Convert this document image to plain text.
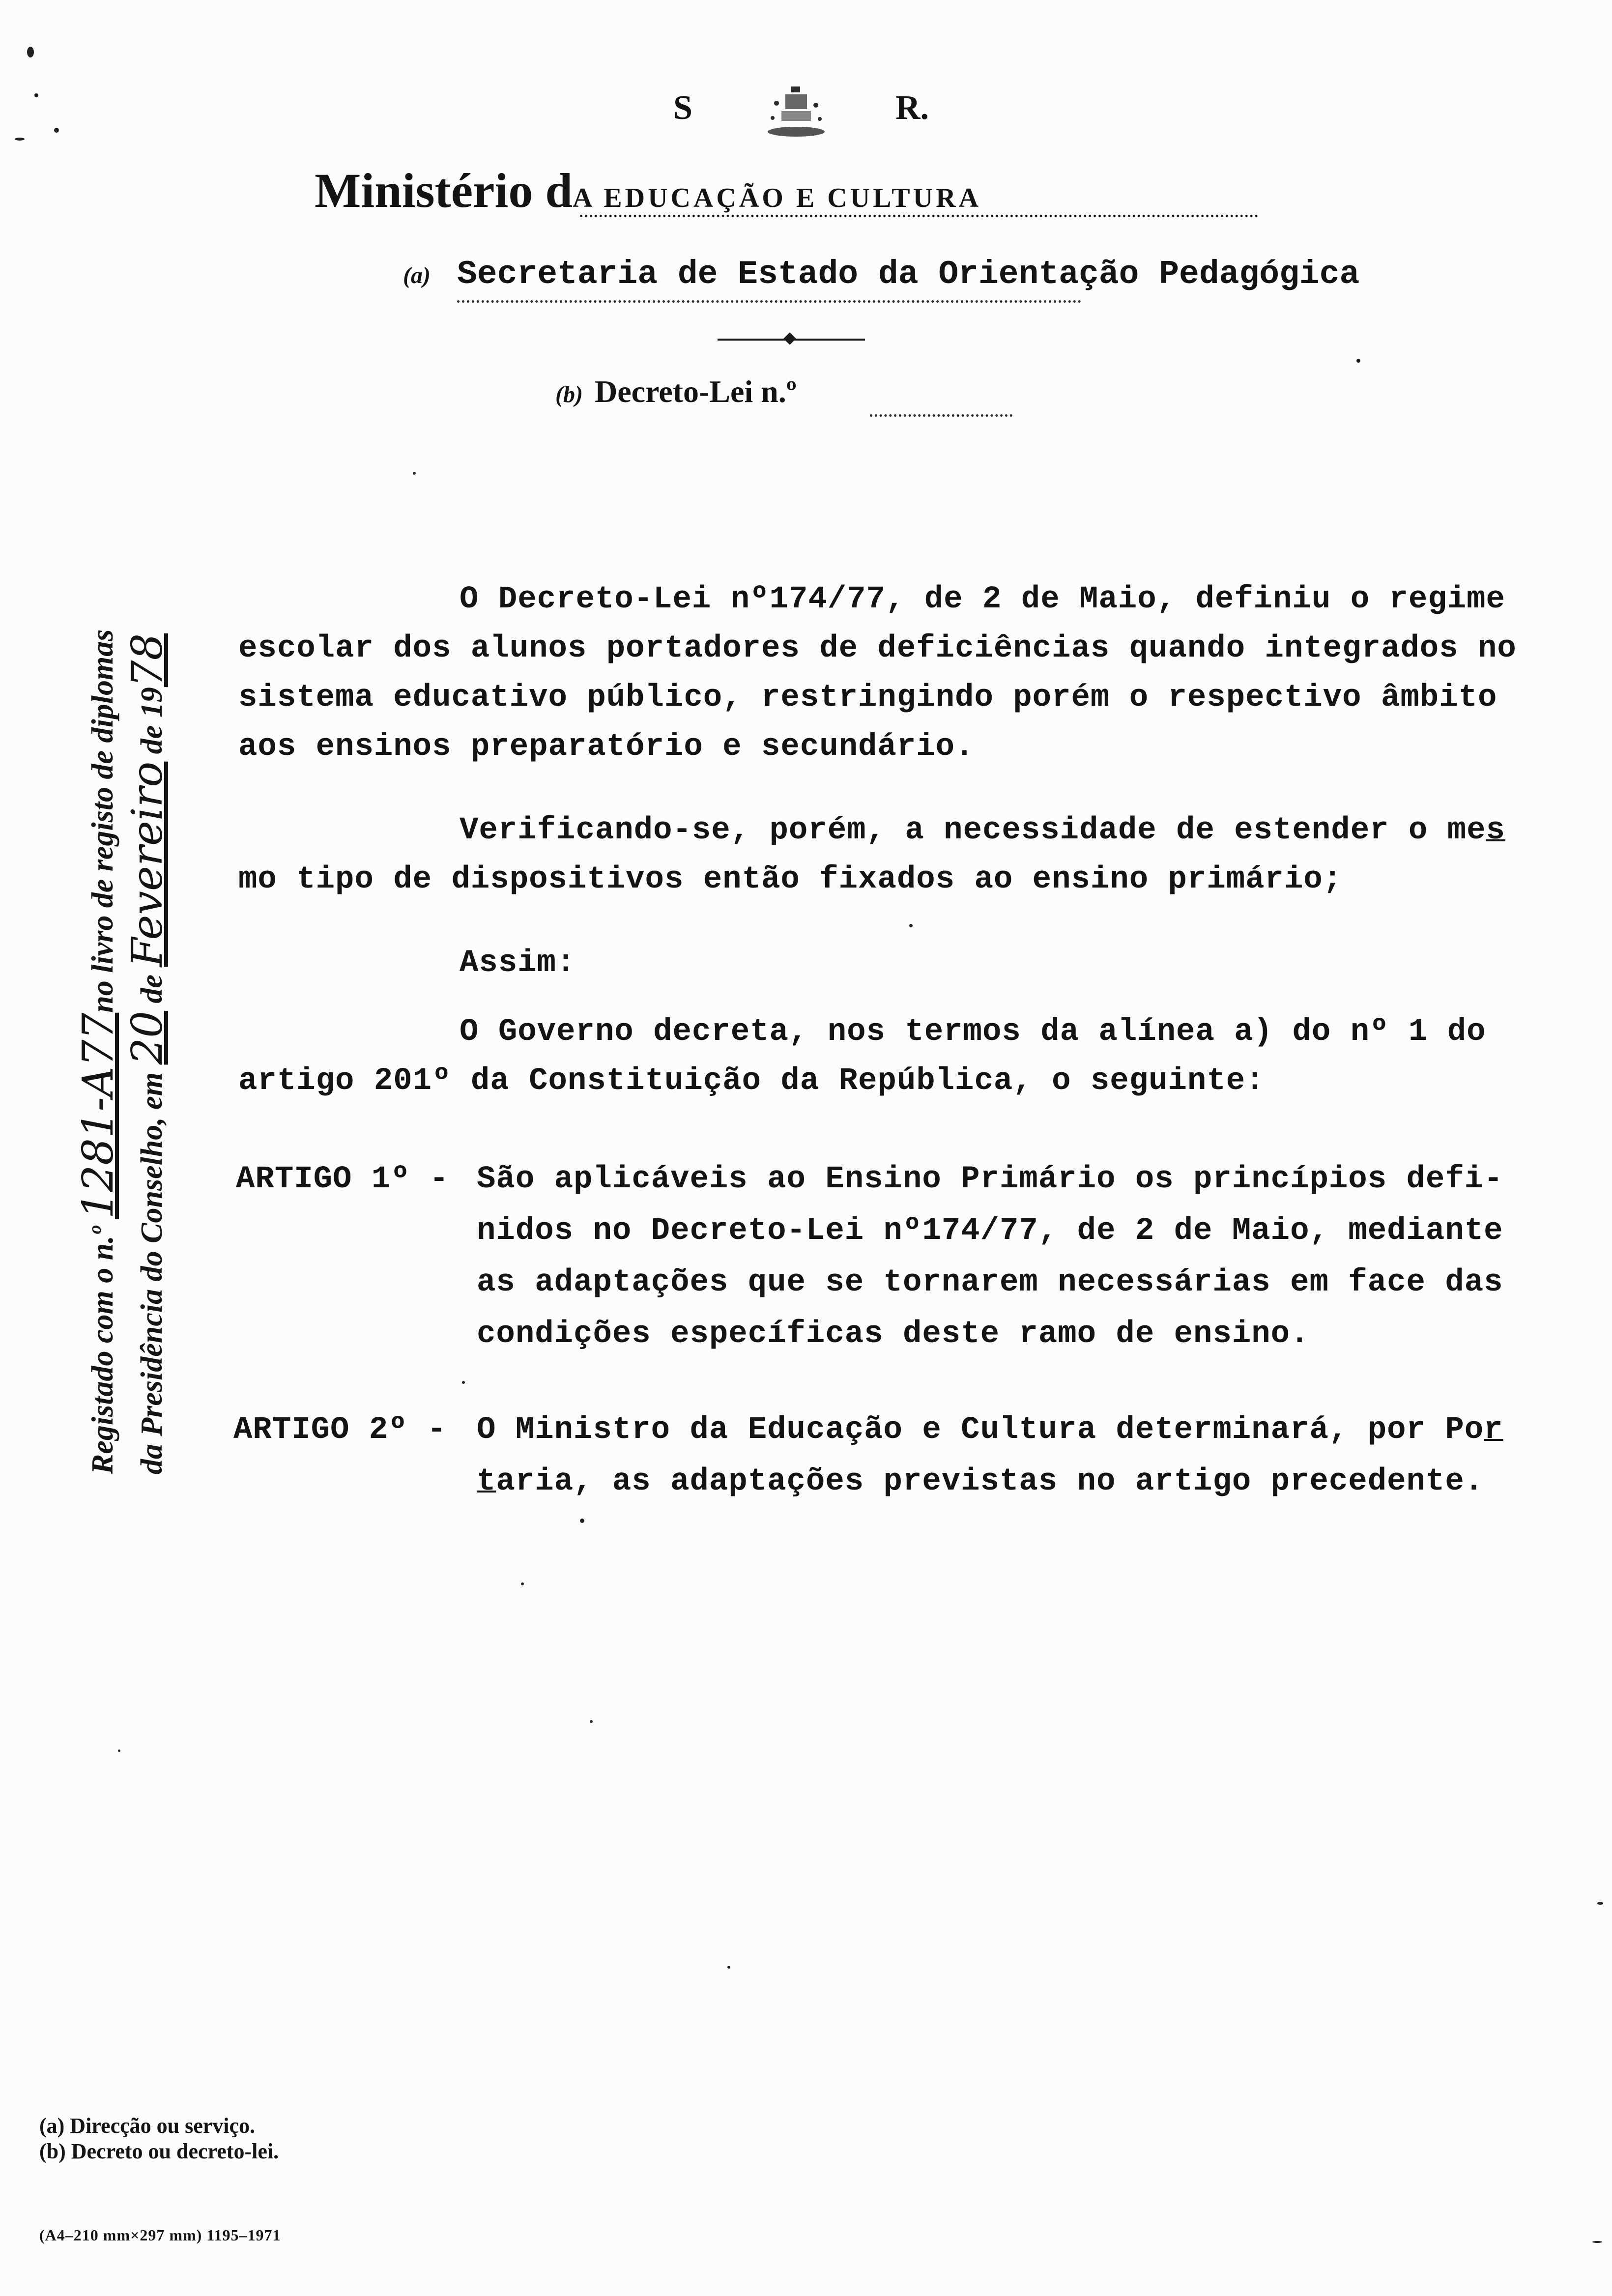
S	R.
Ministério dA EDUCAÇÃO E CULTURA
(a) Secretaria de Estado da Orientação Pedagógica
(b) Decreto-Lei n.º
O Decreto-Lei nº174/77, de 2 de Maio, definiu o regime
escolar dos alunos portadores de deficiências quando integrados no
sistema educativo público, restringindo porém o respectivo âmbito
aos ensinos preparatório e secundário.
Verificando-se, porém, a necessidade de estender o mes
mo tipo de dispositivos então fixados ao ensino primário;
Assim:
O Governo decreta, nos termos da alínea a) do nº 1 do
artigo 201º da Constituição da República, o seguinte:
ARTIGO 1º - São aplicáveis ao Ensino Primário os princípios defi-
nidos no Decreto-Lei nº174/77, de 2 de Maio, mediante
as adaptações que se tornarem necessárias em face das
condições específicas deste ramo de ensino.
ARTIGO 2º - O Ministro da Educação e Cultura determinará, por Por
taria, as adaptações previstas no artigo precedente.
Registado com o n.º 1281-A77no livro de registo de diplomas
da Presidência do Conselho, em 20 de Fevereiro de 1978
(a) Direcção ou serviço.
(b) Decreto ou decreto-lei.
(A4–210 mm×297 mm) 1195–1971
